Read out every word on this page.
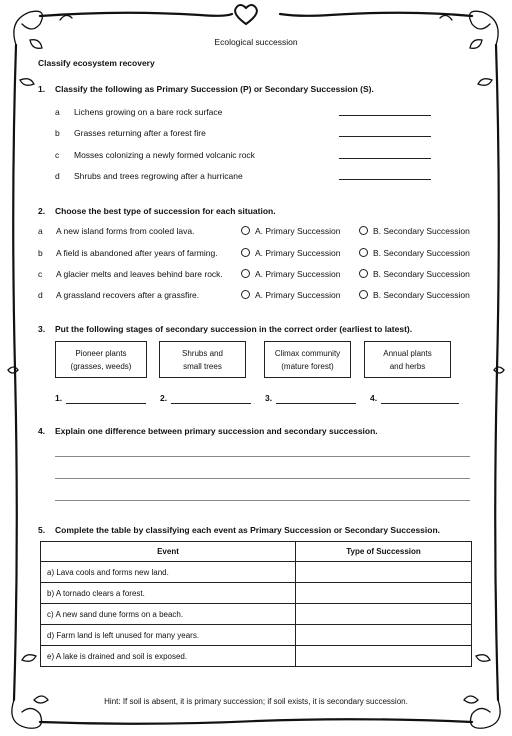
Ecological succession
Classify ecosystem recovery
1. Classify the following as Primary Succession (P) or Secondary Succession (S).
a Lichens growing on a bare rock surface
b Grasses returning after a forest fire
c Mosses colonizing a newly formed volcanic rock
d Shrubs and trees regrowing after a hurricane
2. Choose the best type of succession for each situation.
a A new island forms from cooled lava.	A. Primary Succession	B. Secondary Succession
b A field is abandoned after years of farming.	A. Primary Succession	B. Secondary Succession
c A glacier melts and leaves behind bare rock.	A. Primary Succession	B. Secondary Succession
d A grassland recovers after a grassfire.	A. Primary Succession	B. Secondary Succession
3. Put the following stages of secondary succession in the correct order (earliest to latest).
Pioneer plants
(grasses, weeds)
Shrubs and
small trees
Climax community
(mature forest)
Annual plants
and herbs
1.	2.	3.	4.
4. Explain one difference between primary succession and secondary succession.
5. Complete the table by classifying each event as Primary Succession or Secondary Succession.
Event	Type of Succession
a) Lava cools and forms new land.	
b) A tornado clears a forest.	
c) A new sand dune forms on a beach.	
d) Farm land is left unused for many years.	
e) A lake is drained and soil is exposed.	
Hint: If soil is absent, it is primary succession; if soil exists, it is secondary succession.
